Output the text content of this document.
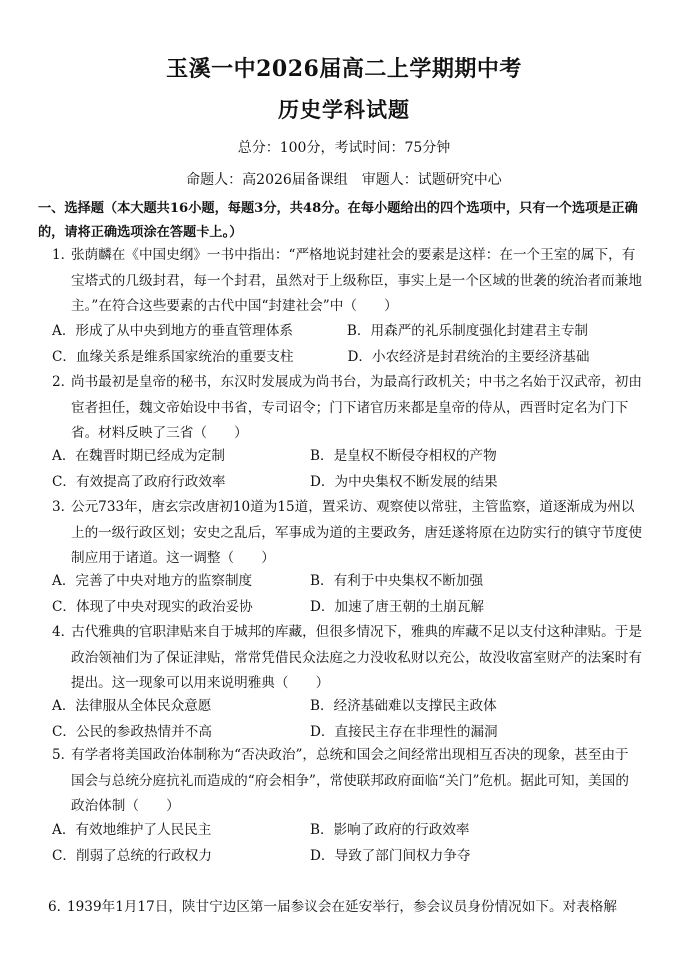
玉溪一中2026届高二上学期期中考
历史学科试题
总分：100分，考试时间：75分钟
命题人：高2026届备课组　审题人：试题研究中心
一、选择题（本大题共16小题，每题3分，共48分。在每小题给出的四个选项中，只有一个选项是正确的，请将正确选项涂在答题卡上。）
1．
张荫麟在《中国史纲》一书中指出：“严格地说封建社会的要素是这样：在一个王室的属下，有宝塔式的几级封君，每一个封君，虽然对于上级称臣，事实上是一个区域的世袭的统治者而兼地主。”在符合这些要素的古代中国“封建社会”中（　　）
A．形成了从中央到地方的垂直管理体系	B．用森严的礼乐制度强化封建君主专制
C．血缘关系是维系国家统治的重要支柱	D．小农经济是封君统治的主要经济基础
2．
尚书最初是皇帝的秘书，东汉时发展成为尚书台，为最高行政机关；中书之名始于汉武帝，初由宦者担任，魏文帝始设中书省，专司诏令；门下诸官历来都是皇帝的侍从，西晋时定名为门下省。材料反映了三省（　　）
A．在魏晋时期已经成为定制	B．是皇权不断侵夺相权的产物
C．有效提高了政府行政效率	D．为中央集权不断发展的结果
3．
公元733年，唐玄宗改唐初10道为15道，置采访、观察使以常驻，主管监察，道逐渐成为州以上的一级行政区划；安史之乱后，军事成为道的主要政务，唐廷遂将原在边防实行的镇守节度使制应用于诸道。这一调整（　　）
A．完善了中央对地方的监察制度	B．有利于中央集权不断加强
C．体现了中央对现实的政治妥协	D．加速了唐王朝的土崩瓦解
4．
古代雅典的官职津贴来自于城邦的库藏，但很多情况下，雅典的库藏不足以支付这种津贴。于是政治领袖们为了保证津贴，常常凭借民众法庭之力没收私财以充公，故没收富室财产的法案时有提出。这一现象可以用来说明雅典（　　）
A．法律服从全体民众意愿	B．经济基础难以支撑民主政体
C．公民的参政热情并不高	D．直接民主存在非理性的漏洞
5．
有学者将美国政治体制称为“否决政治”，总统和国会之间经常出现相互否决的现象，甚至由于国会与总统分庭抗礼而造成的“府会相争”，常使联邦政府面临“关门”危机。据此可知，美国的政治体制（　　）
A．有效地维护了人民民主	B．影响了政府的行政效率
C．削弱了总统的行政权力	D．导致了部门间权力争夺
6．
1939年1月17日，陕甘宁边区第一届参议会在延安举行，参会议员身份情况如下。对表格解
